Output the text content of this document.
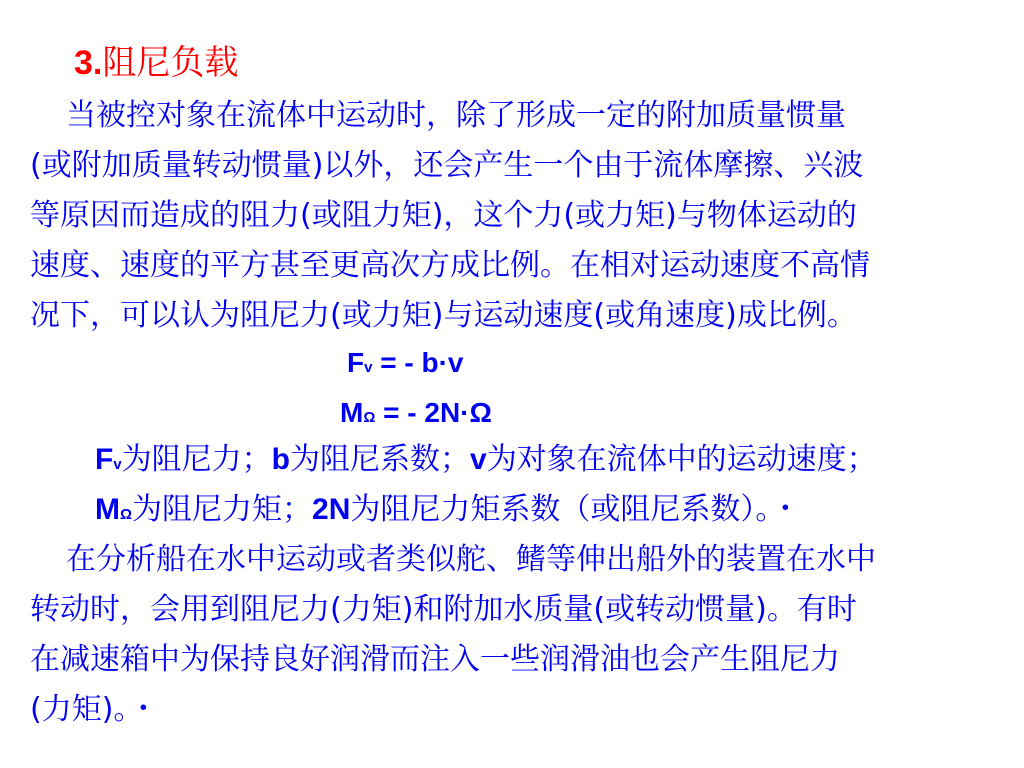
3.阻尼负载
当被控对象在流体中运动时，除了形成一定的附加质量惯量
(或附加质量转动惯量)以外，还会产生一个由于流体摩擦、兴波
等原因而造成的阻力(或阻力矩)，这个力(或力矩)与物体运动的
速度、速度的平方甚至更高次方成比例。在相对运动速度不高情
况下，可以认为阻尼力(或力矩)与运动速度(或角速度)成比例。
Fv = - b·v
MΩ = - 2N·Ω
Fv为阻尼力；b为阻尼系数；v为对象在流体中的运动速度；
MΩ为阻尼力矩；2N为阻尼力矩系数（或阻尼系数）。・
在分析船在水中运动或者类似舵、鳍等伸出船外的装置在水中
转动时，会用到阻尼力(力矩)和附加水质量(或转动惯量)。有时
在减速箱中为保持良好润滑而注入一些润滑油也会产生阻尼力
(力矩)。・
